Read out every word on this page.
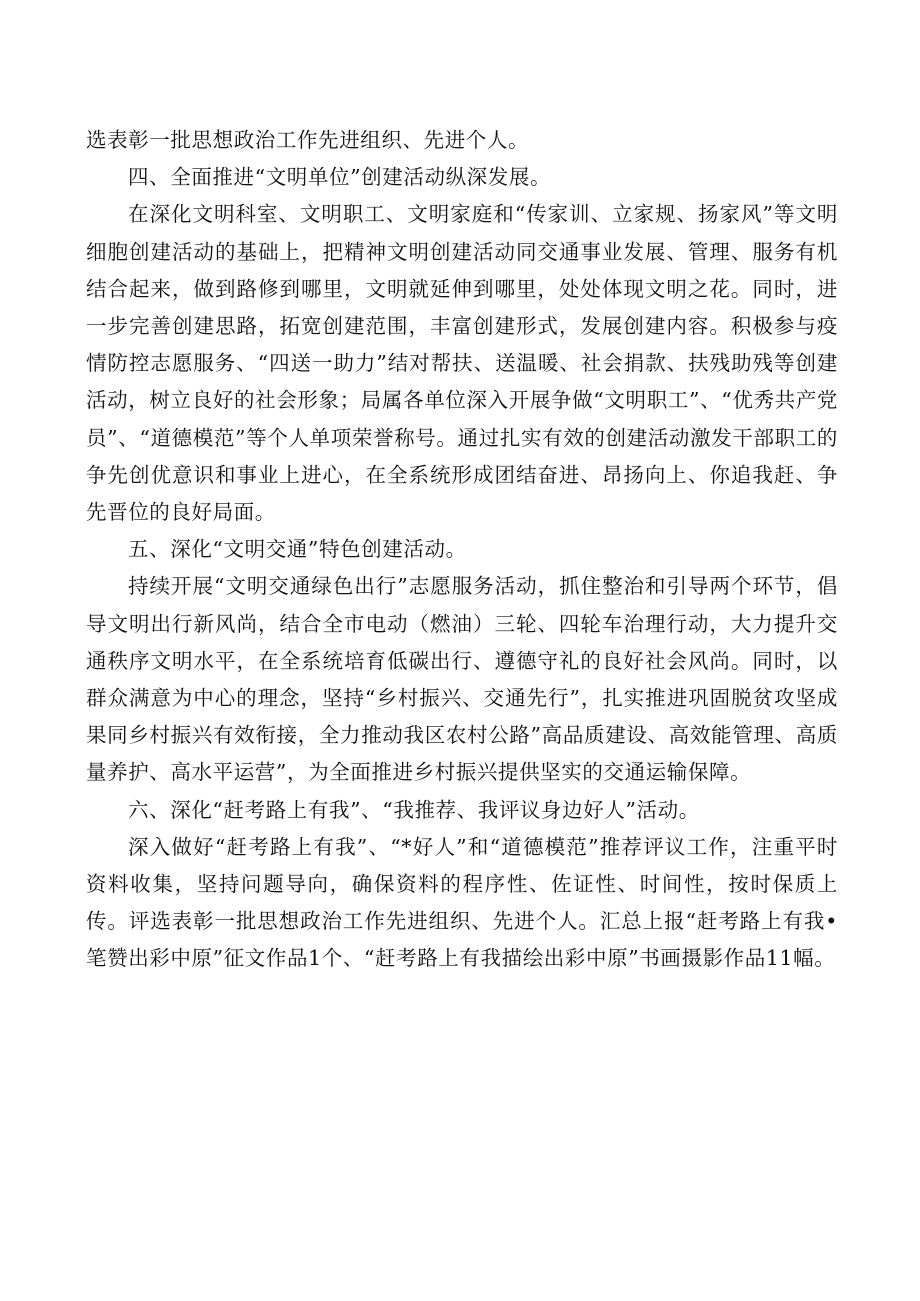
选表彰一批思想政治工作先进组织、先进个人。

四、全面推进“文明单位”创建活动纵深发展。

在深化文明科室、文明职工、文明家庭和“传家训、立家规、扬家风”等文明细胞创建活动的基础上，把精神文明创建活动同交通事业发展、管理、服务有机结合起来，做到路修到哪里，文明就延伸到哪里，处处体现文明之花。同时，进一步完善创建思路，拓宽创建范围，丰富创建形式，发展创建内容。积极参与疫情防控志愿服务、“四送一助力”结对帮扶、送温暖、社会捐款、扶残助残等创建活动，树立良好的社会形象；局属各单位深入开展争做“文明职工”、“优秀共产党员”、“道德模范”等个人单项荣誉称号。通过扎实有效的创建活动激发干部职工的争先创优意识和事业上进心，在全系统形成团结奋进、昂扬向上、你追我赶、争先晋位的良好局面。

五、深化“文明交通”特色创建活动。

持续开展“文明交通绿色出行”志愿服务活动，抓住整治和引导两个环节，倡导文明出行新风尚，结合全市电动（燃油）三轮、四轮车治理行动，大力提升交通秩序文明水平，在全系统培育低碳出行、遵德守礼的良好社会风尚。同时，以群众满意为中心的理念，坚持“乡村振兴、交通先行”，扎实推进巩固脱贫攻坚成果同乡村振兴有效衔接，全力推动我区农村公路”高品质建设、高效能管理、高质量养护、高水平运营”，为全面推进乡村振兴提供坚实的交通运输保障。

六、深化“赶考路上有我”、“我推荐、我评议身边好人”活动。

深入做好“赶考路上有我”、“*好人”和“道德模范”推荐评议工作，注重平时资料收集，坚持问题导向，确保资料的程序性、佐证性、时间性，按时保质上传。评选表彰一批思想政治工作先进组织、先进个人。汇总上报“赶考路上有我•笔赞出彩中原”征文作品1个、“赶考路上有我描绘出彩中原”书画摄影作品11幅。
